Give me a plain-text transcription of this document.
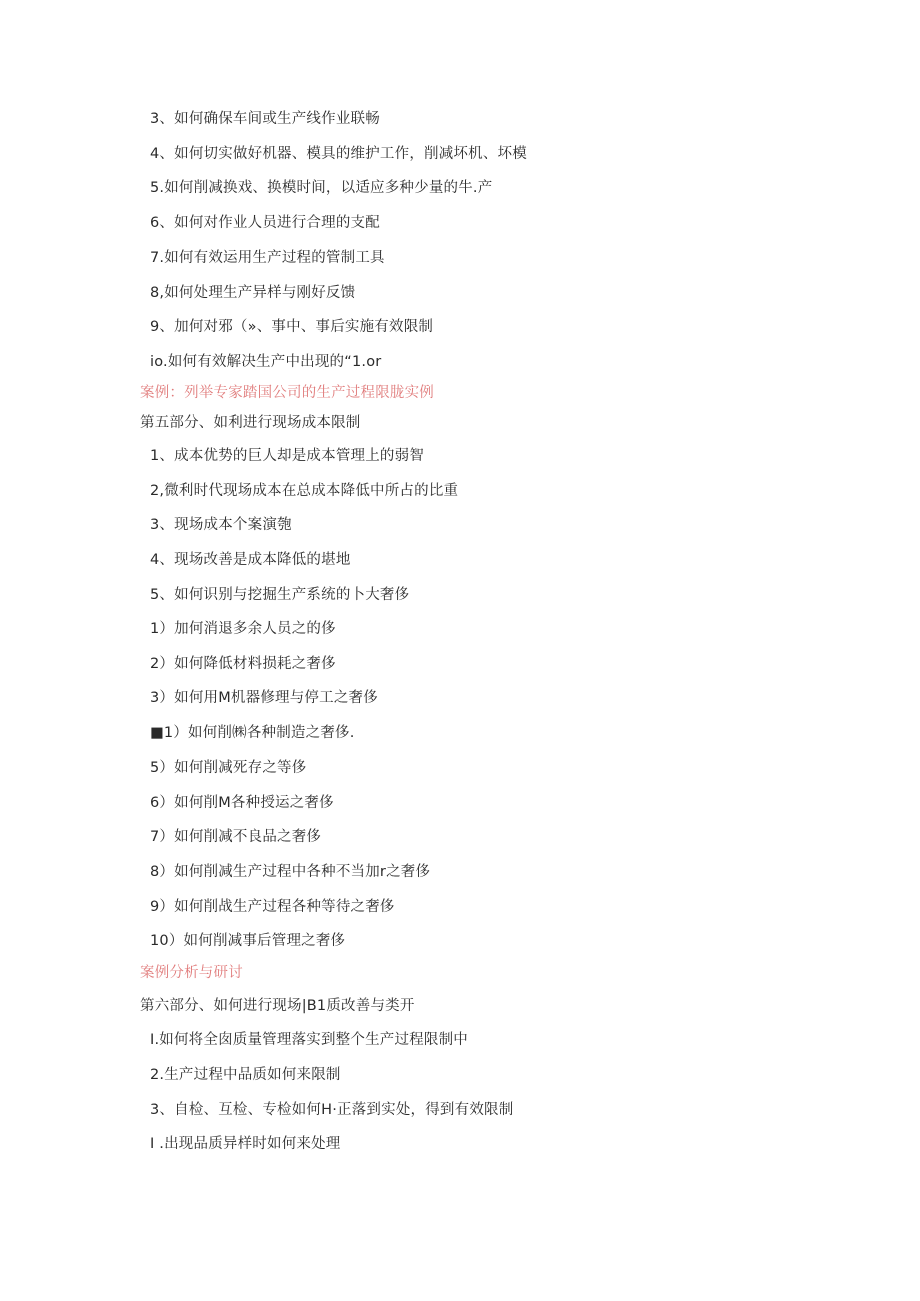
3、如何确保车间或生产线作业联畅
4、如何切实做好机器、模具的维护工作，削减坏机、坏模
5.如何削减换戏、换模时间，以适应多种少量的牛.产
6、如何对作业人员进行合理的支配
7.如何有效运用生产过程的管制工具
8,如何处理生产异样与刚好反馈
9、加何对邪（»、事中、事后实施有效限制
io.如何有效解决生产中出现的“1.or
案例：列举专家踏国公司的生产过程限胧实例
第五部分、如利进行现场成本限制
1、成本优势的巨人却是成本管理上的弱智
2,微利时代现场成本在总成本降低中所占的比重
3、现场成本个案演匏
4、现场改善是成本降低的堪地
5、如何识别与挖掘生产系统的卜大奢侈
1）加何消退多余人员之的侈
2）如何降低材料损耗之奢侈
3）如何用M机器修理与停工之奢侈
■1）如何削㈱各种制造之奢侈.
5）如何削减死存之等侈
6）如何削M各种授运之奢侈
7）如何削减不良品之奢侈
8）如何削减生产过程中各种不当加r之奢侈
9）如何削战生产过程各种等待之奢侈
10）如何削减事后管理之奢侈
案例分析与研讨
第六部分、如何进行现场|B1质改善与类开
I.如何将全囱质量管理落实到整个生产过程限制中
2.生产过程中品质如何来限制
3、自检、互检、专检如何H·正落到实处，得到有效限制
I .出现品质异样时如何来处理
